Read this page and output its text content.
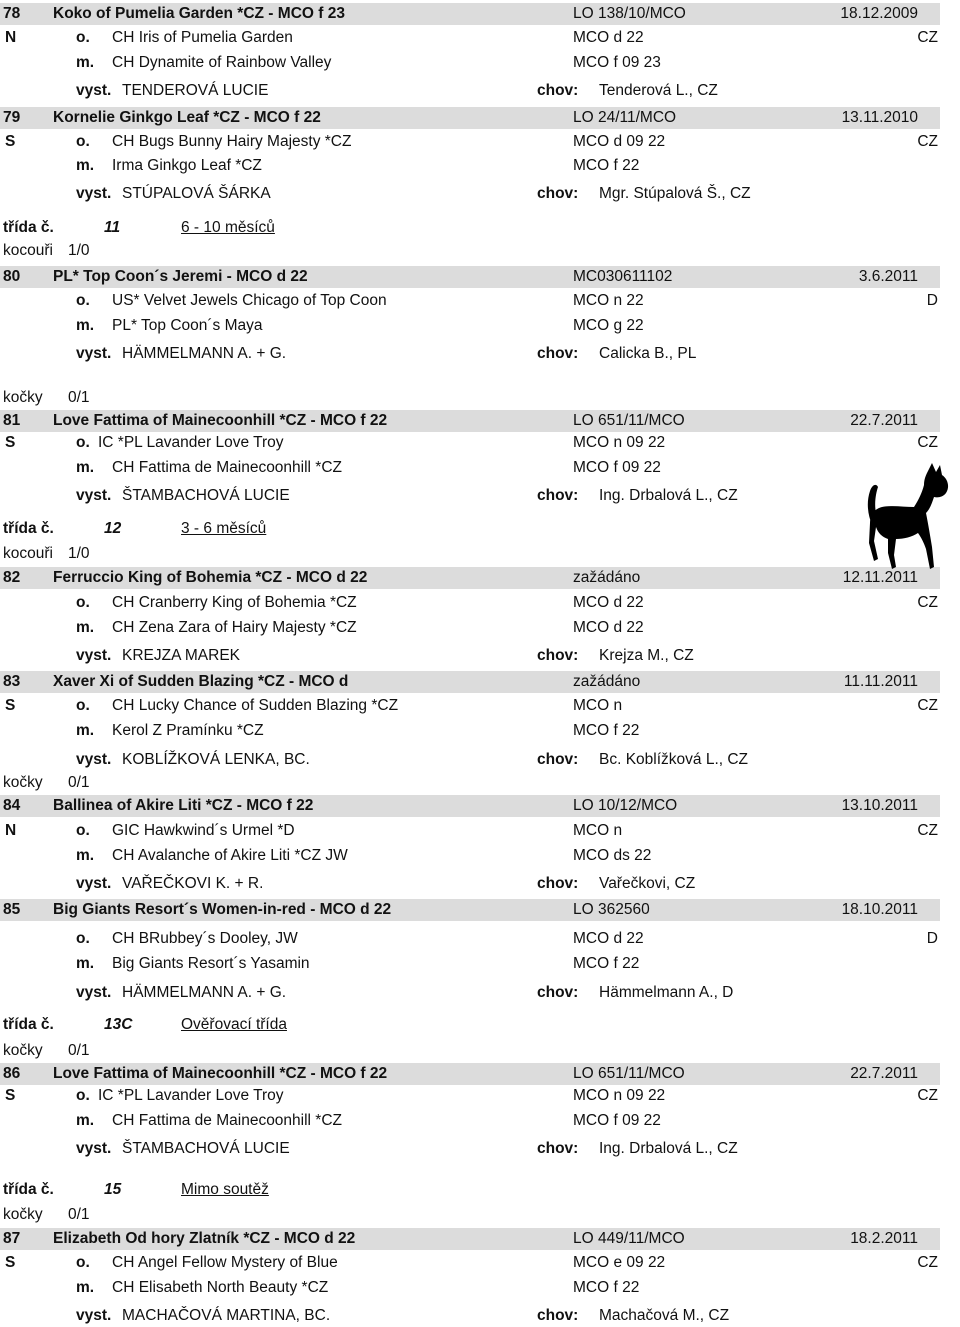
78 Koko of Pumelia Garden *CZ - MCO f 23	LO 138/10/MCO	18.12.2009
N	o. CH Iris of Pumelia Garden	MCO d 22	CZ
m. CH Dynamite of Rainbow Valley	MCO f 09 23
vyst. TENDEROVÁ LUCIE	chov: Tenderová L., CZ
79 Kornelie Ginkgo Leaf *CZ - MCO f 22	LO 24/11/MCO	13.11.2010
S	o. CH Bugs Bunny Hairy Majesty *CZ	MCO d 09 22	CZ
m. Irma Ginkgo Leaf *CZ	MCO f 22
vyst. STÚPALOVÁ ŠÁRKA	chov: Mgr. Stúpalová Š., CZ
třída č.	11	6 - 10 měsíců
kocouři 1/0
80 PL* Top Coon´s Jeremi - MCO d 22	MC030611102	3.6.2011
o. US* Velvet Jewels Chicago of Top Coon	MCO n 22	D
m. PL* Top Coon´s Maya	MCO g 22
vyst. HÄMMELMANN A. + G.	chov: Calicka B., PL
kočky 0/1
81 Love Fattima of Mainecoonhill *CZ - MCO f 22	LO 651/11/MCO	22.7.2011
S	o. IC *PL Lavander Love Troy	MCO n 09 22	CZ
m. CH Fattima de Mainecoonhill *CZ	MCO f 09 22
vyst. ŠTAMBACHOVÁ LUCIE	chov: Ing. Drbalová L., CZ
třída č.	12	3 - 6 měsíců
kocouři 1/0
82 Ferruccio King of Bohemia *CZ - MCO d 22	zažádáno	12.11.2011
o. CH Cranberry King of Bohemia *CZ	MCO d 22	CZ
m. CH Zena Zara of Hairy Majesty *CZ	MCO d 22
vyst. KREJZA MAREK	chov: Krejza M., CZ
83 Xaver Xi of Sudden Blazing *CZ - MCO d	zažádáno	11.11.2011
S	o. CH Lucky Chance of Sudden Blazing *CZ	MCO n	CZ
m. Kerol Z Pramínku *CZ	MCO f 22
vyst. KOBLÍŽKOVÁ LENKA, BC.	chov: Bc. Koblížková L., CZ
kočky 0/1
84 Ballinea of Akire Liti *CZ - MCO f 22	LO 10/12/MCO	13.10.2011
N	o. GIC Hawkwind´s Urmel *D	MCO n	CZ
m. CH Avalanche of Akire Liti *CZ JW	MCO ds 22
vyst. VAŘEČKOVI K. + R.	chov: Vařečkovi, CZ
85 Big Giants Resort´s Women-in-red - MCO d 22	LO 362560	18.10.2011
o. CH BRubbey´s Dooley, JW	MCO d 22	D
m. Big Giants Resort´s Yasamin	MCO f 22
vyst. HÄMMELMANN A. + G.	chov: Hämmelmann A., D
třída č.	13C	Ověřovací třída
kočky 0/1
86 Love Fattima of Mainecoonhill *CZ - MCO f 22	LO 651/11/MCO	22.7.2011
S	o. IC *PL Lavander Love Troy	MCO n 09 22	CZ
m. CH Fattima de Mainecoonhill *CZ	MCO f 09 22
vyst. ŠTAMBACHOVÁ LUCIE	chov: Ing. Drbalová L., CZ
třída č.	15	Mimo soutěž
kočky 0/1
87 Elizabeth Od hory Zlatník *CZ - MCO d 22	LO 449/11/MCO	18.2.2011
S	o. CH Angel Fellow Mystery of Blue	MCO e 09 22	CZ
m. CH Elisabeth North Beauty *CZ	MCO f 22
vyst. MACHAČOVÁ MARTINA, BC.	chov: Machačová M., CZ
